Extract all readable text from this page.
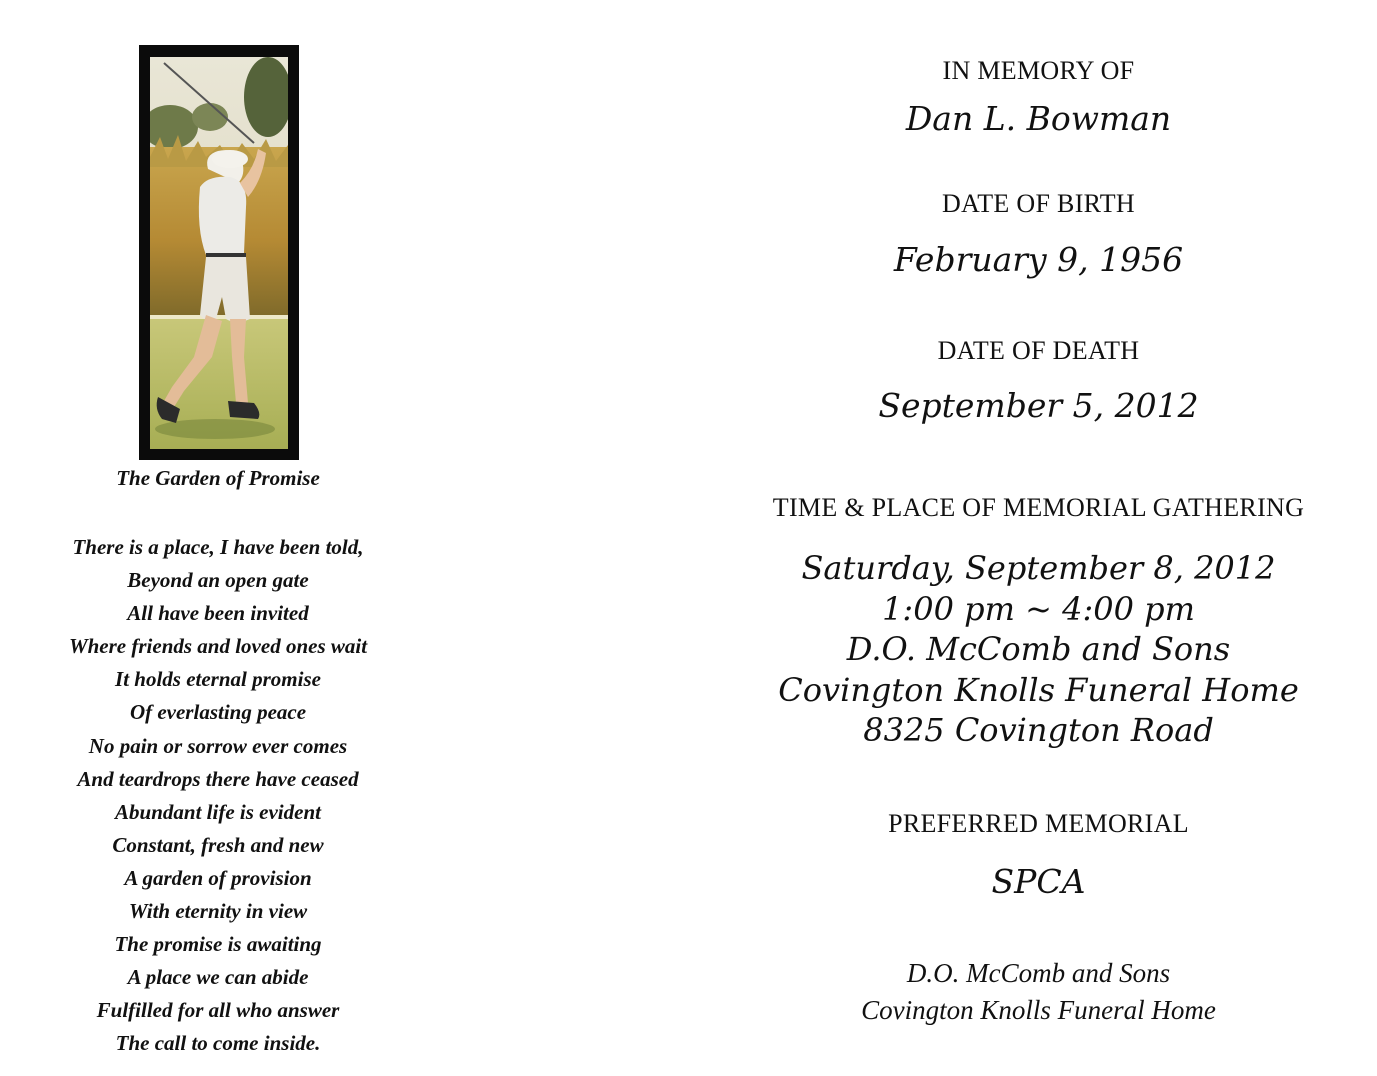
The Garden of Promise
There is a place, I have been told,
Beyond an open gate
All have been invited
Where friends and loved ones wait
It holds eternal promise
Of everlasting peace
No pain or sorrow ever comes
And teardrops there have ceased
Abundant life is evident
Constant, fresh and new
A garden of provision
With eternity in view
The promise is awaiting
A place we can abide
Fulfilled for all who answer
The call to come inside.
IN MEMORY OF
Dan L. Bowman
DATE OF BIRTH
February 9, 1956
DATE OF DEATH
September 5, 2012
TIME & PLACE OF MEMORIAL GATHERING
Saturday, September 8, 2012
1:00 pm ~ 4:00 pm
D.O. McComb and Sons
Covington Knolls Funeral Home
8325 Covington Road
PREFERRED MEMORIAL
SPCA
D.O. McComb and Sons
Covington Knolls Funeral Home
